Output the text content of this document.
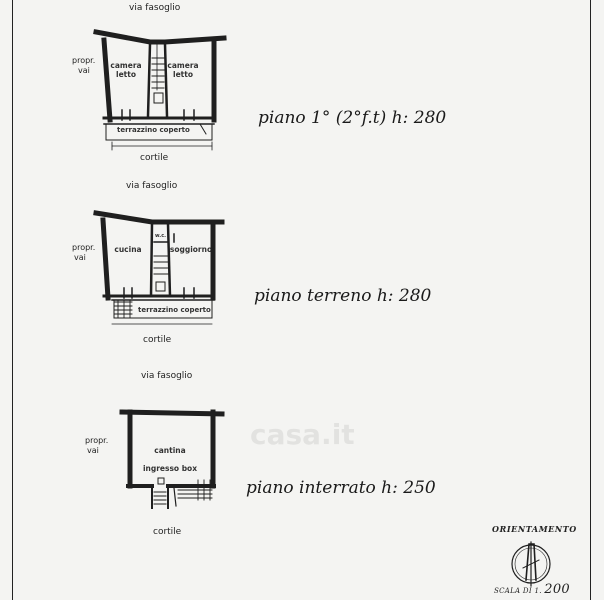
casa.it
via fasoglio
propr.
vai
camera
letto
camera
letto
terrazzino coperto
cortile
piano 1° (2°f.t) h: 280
via fasoglio
propr.
vai
cucina	soggiorno
w.c.
terrazzino coperto
cortile
piano terreno h: 280
via fasoglio
propr.
vai	cantina
ingresso box
cortile
piano interrato h: 250
ORIENTAMENTO
SCALA DI 1. 200
